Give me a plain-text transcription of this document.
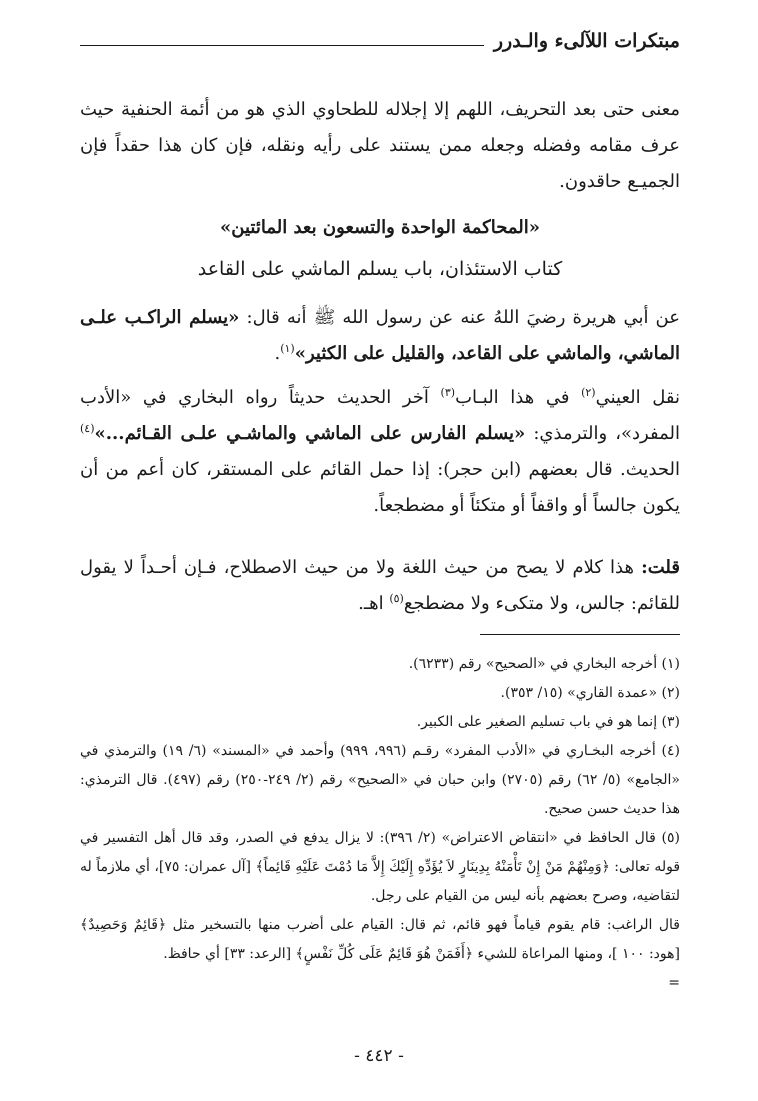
مبتكرات اللآلىء والـدرر

معنى حتى بعد التحريف، اللهم إلا إجلاله للطحاوي الذي هو من أئمة الحنفية حيث عرف مقامه وفضله وجعله ممن يستند على رأيه ونقله، فإن كان هذا حقداً فإن الجميـع حاقدون.

«المحاكمة الواحدة والتسعون بعد المائتين»
كتاب الاستئذان، باب يسلم الماشي على القاعد

عن أبي هريرة رضيَ اللهُ عنه عن رسول الله ﷺ أنه قال: «يسلم الراكـب علـى الماشي، والماشي على القاعد، والقليل على الكثير»$^{(١)}$.

نقل العيني$^{(٢)}$ في هذا البـاب$^{(٣)}$ آخر الحديث حديثاً رواه البخاري في «الأدب المفرد»، والترمذي: «يسلم الفارس على الماشي والماشـي علـى القـائم...»$^{(٤)}$ الحديث. قال بعضهم (ابن حجر): إذا حمل القائم على المستقر، كان أعم من أن يكون جالساً أو واقفاً أو متكئاً أو مضطجعاً.

قلت: هذا كلام لا يصح من حيث اللغة ولا من حيث الاصطلاح، فـإن أحـداً لا يقول للقائم: جالس، ولا متكىء ولا مضطجع$^{(٥)}$ اهـ.

(١) أخرجه البخاري في «الصحيح» رقم (٦٢٣٣).

(٢) «عمدة القاري» (١٥/ ٣٥٣).

(٣) إنما هو في باب تسليم الصغير على الكبير.

(٤) أخرجه البخـاري في «الأدب المفرد» رقـم (٩٩٦، ٩٩٩) وأحمد في «المسند» (٦/ ١٩) والترمذي في «الجامع» (٥/ ٦٢) رقم (٢٧٠٥) وابن حبان في «الصحيح» رقم (٢/ ٢٤٩-٢٥٠) رقم (٤٩٧). قال الترمذي: هذا حديث حسن صحيح.

(٥) قال الحافظ في «انتقاض الاعتراض» (٢/ ٣٩٦): لا يزال يدفع في الصدر، وقد قال أهل التفسير في قوله تعالى: ﴿وَمِنْهُمْ مَنْ إِنْ تَأْمَنْهُ بِدِينَارٍ لاَ يُؤَدِّهِ إِلَيْكَ إِلاَّ مَا دُمْتَ عَلَيْهِ قَائِماً﴾ [آل عمران: ٧٥]، أي ملازماً له لتقاضيه، وصرح بعضهم بأنه ليس من القيام على رجل.

قال الراغب: قام يقوم قياماً فهو قائم، ثم قال: القيام على أضرب منها بالتسخير مثل ﴿قَائِمٌ وَحَصِيدٌ﴾ [هود: ١٠٠ ]، ومنها المراعاة للشيء ﴿أَفَمَنْ هُوَ قَائِمٌ عَلَى كُلِّ نَفْسٍ﴾ [الرعد: ٣٣] أي حافظ.

=

- ٤٤٢ -
